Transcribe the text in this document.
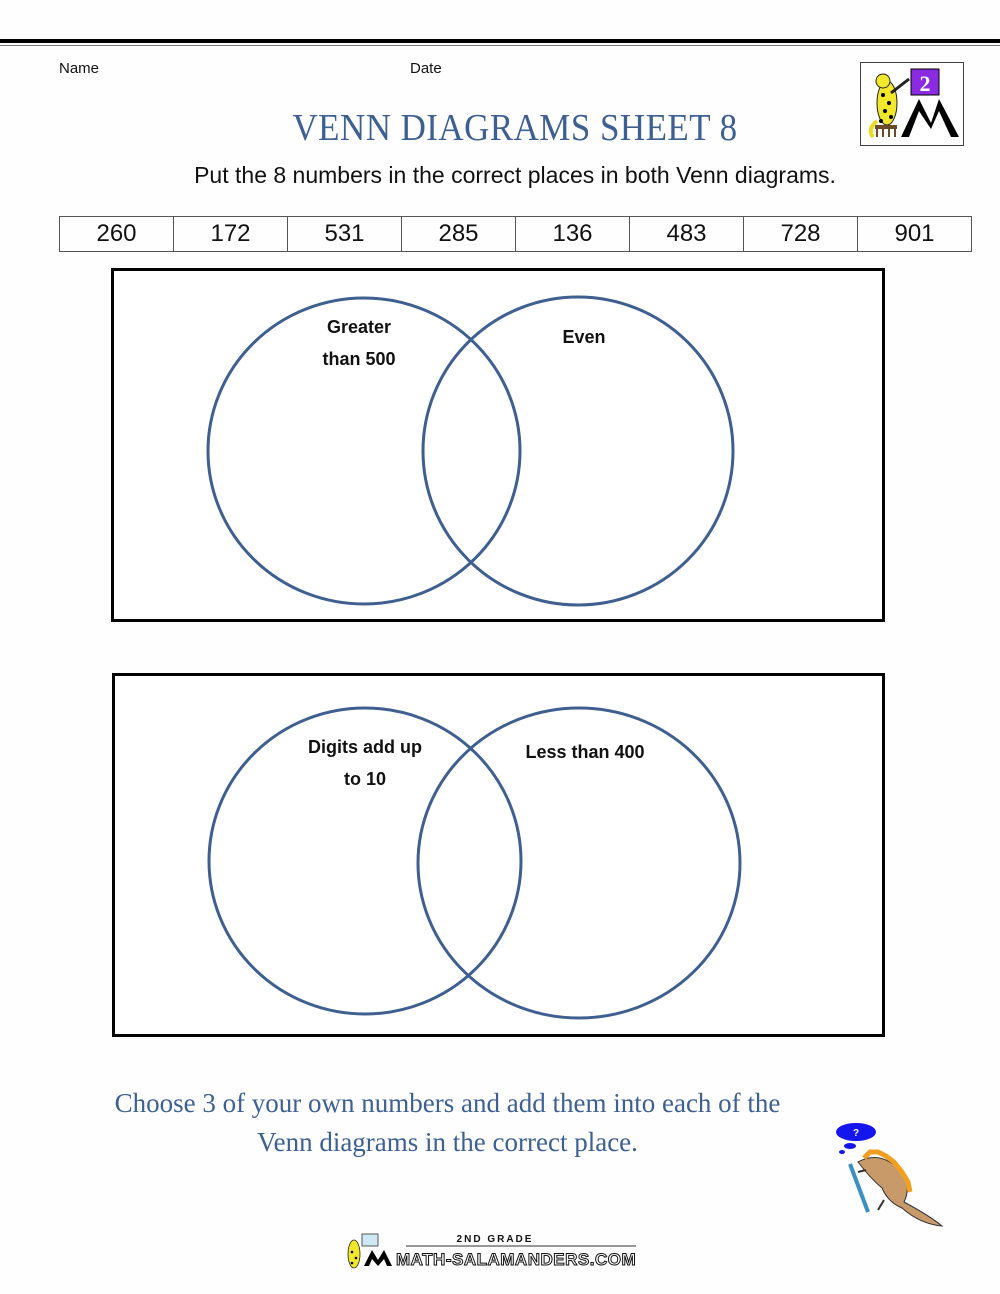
Name	Date
2
VENN DIAGRAMS SHEET 8
Put the 8 numbers in the correct places in both Venn diagrams.
260	172	531	285	136	483	728	901
Greater
than 500
Even
Digits add up
to 10
Less than 400
Choose 3 of your own numbers and add them into each of the
Venn diagrams in the correct place.	?
2ND GRADE
MATH-SALAMANDERS.COM
